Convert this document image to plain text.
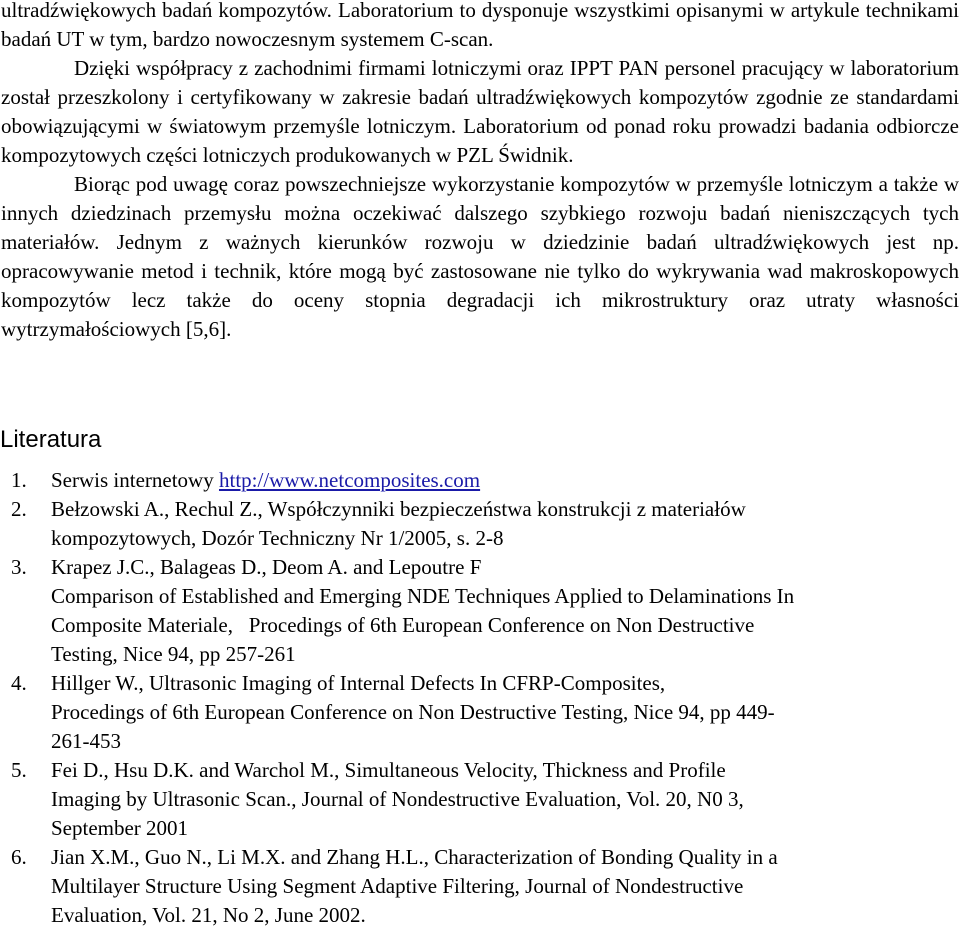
ultradźwiękowych badań kompozytów. Laboratorium to dysponuje wszystkimi opisanymi w artykule technikami badań UT w tym, bardzo nowoczesnym systemem C-scan.

Dzięki współpracy z zachodnimi firmami lotniczymi oraz IPPT PAN personel pracujący w laboratorium został przeszkolony i certyfikowany w zakresie badań ultradźwiękowych kompozytów zgodnie ze standardami obowiązującymi w światowym przemyśle lotniczym. Laboratorium od ponad roku prowadzi badania odbiorcze kompozytowych części lotniczych produkowanych w PZL Świdnik.

Biorąc pod uwagę coraz powszechniejsze wykorzystanie kompozytów w przemyśle lotniczym a także w innych dziedzinach przemysłu można oczekiwać dalszego szybkiego rozwoju badań nieniszczących tych materiałów. Jednym z ważnych kierunków rozwoju w dziedzinie badań ultradźwiękowych jest np. opracowywanie metod i technik, które mogą być zastosowane nie tylko do wykrywania wad makroskopowych kompozytów lecz także do oceny stopnia degradacji ich mikrostruktury oraz utraty własności wytrzymałościowych [5,6].

Literatura
1. Serwis internetowy http://www.netcomposites.com
2. Bełzowski A., Rechul Z., Współczynniki bezpieczeństwa konstrukcji z materiałów
kompozytowych, Dozór Techniczny Nr 1/2005, s. 2-8
3. Krapez J.C., Balageas D., Deom A. and Lepoutre F
Comparison of Established and Emerging NDE Techniques Applied to Delaminations In
Composite Materiale,   Procedings of 6th European Conference on Non Destructive
Testing, Nice 94, pp 257-261
4. Hillger W., Ultrasonic Imaging of Internal Defects In CFRP-Composites,
Procedings of 6th European Conference on Non Destructive Testing, Nice 94, pp 449-
261-453
5. Fei D., Hsu D.K. and Warchol M., Simultaneous Velocity, Thickness and Profile
Imaging by Ultrasonic Scan., Journal of Nondestructive Evaluation, Vol. 20, N0 3,
September 2001
6. Jian X.M., Guo N., Li M.X. and Zhang H.L., Characterization of Bonding Quality in a
Multilayer Structure Using Segment Adaptive Filtering, Journal of Nondestructive
Evaluation, Vol. 21, No 2, June 2002.
